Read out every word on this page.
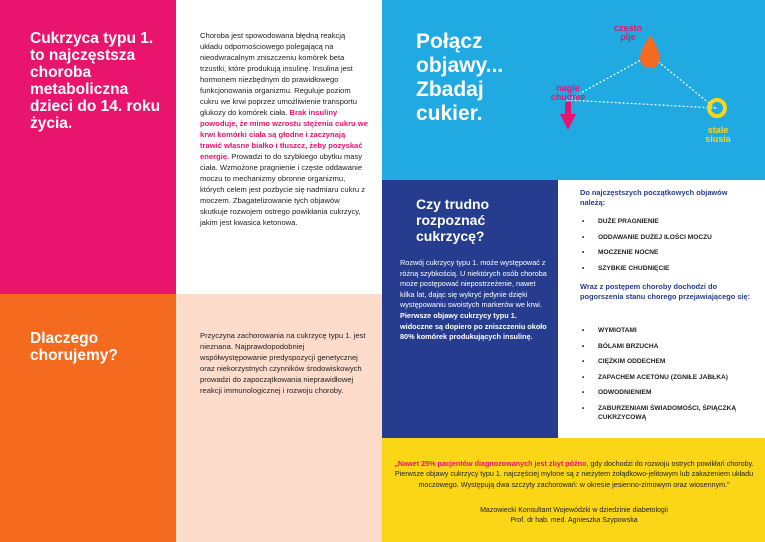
Cukrzyca typu 1. to najczęstsza choroba metaboliczna dzieci do 14. roku życia.
Dlaczego chorujemy?
Choroba jest spowodowana błędną reakcją układu odpornościowego polegającą na nieodwracalnym zniszczeniu komórek beta trzustki, które produkują insulinę. Insulina jest hormonem niezbędnym do prawidłowego funkcjonowania organizmu. Reguluje poziom cukru we krwi poprzez umożliwienie transportu glukozy do komórek ciała. Brak insuliny powoduje, że mimo wzrostu stężenia cukru we krwi komórki ciała są głodne i zaczynają trawić własne białko i tłuszcz, żeby pozyskać energię. Prowadzi to do szybkiego ubytku masy ciała. Wzmożone pragnienie i częste oddawanie moczu to mechanizmy obronne organizmu, których celem jest pozbycie się nadmiaru cukru z moczem. Zbagatelizowanie tych objawów skutkuje rozwojem ostrego powikłania cukrzycy, jakim jest kwasica ketonowa.
Przyczyna zachorowania na cukrzycę typu 1. jest nieznana. Najprawdopodobniej współwystępowanie predyspozycji genetycznej oraz niekorzystnych czynników środowiskowych prowadzi do zapoczątkowania nieprawidłowej reakcji immunologicznej i rozwoju choroby.
Połącz objawy... Zbadaj cukier.
często pije
nagle chudnie
stale siusia
Czy trudno rozpoznać cukrzycę?
Rozwój cukrzycy typu 1. może występować z różną szybkością. U niektórych osób choroba może postępować niepostrzeżenie, nawet kilka lat, dając się wykryć jedynie dzięki występowaniu swoistych markerów we krwi. Pierwsze objawy cukrzycy typu 1. widoczne są dopiero po zniszczeniu około 80% komórek produkujących insulinę.
Do najczęstszych początkowych objawów należą:
• DUŻE PRAGNIENIE
• ODDAWANIE DUŻEJ ILOŚCI MOCZU
• MOCZENIE NOCNE
• SZYBKIE CHUDNIĘCIE
Wraz z postępem choroby dochodzi do pogorszenia stanu chorego przejawiającego się:
• WYMIOTAMI
• BÓLAMI BRZUCHA
• CIĘŻKIM ODDECHEM
• ZAPACHEM ACETONU (ZGNIŁE JABŁKA)
• ODWODNIENIEM
• ZABURZENIAMI ŚWIADOMOŚCI, ŚPIĄCZKĄ CUKRZYCOWĄ
„Nawet 25% pacjentów diagnozowanych jest zbyt późno, gdy dochodzi do rozwoju ostrych powikłań choroby. Pierwsze objawy cukrzycy typu 1. najczęściej mylone są z nieżytem żołądkowo-jelitowym lub zakażeniem układu moczowego. Występują dwa szczyty zachorowań: w okresie jesienno-zimowym oraz wiosennym.”
Mazowiecki Konsultant Wojewódzki w dziedzinie diabetologii
Prof. dr hab. med. Agnieszka Szypowska
